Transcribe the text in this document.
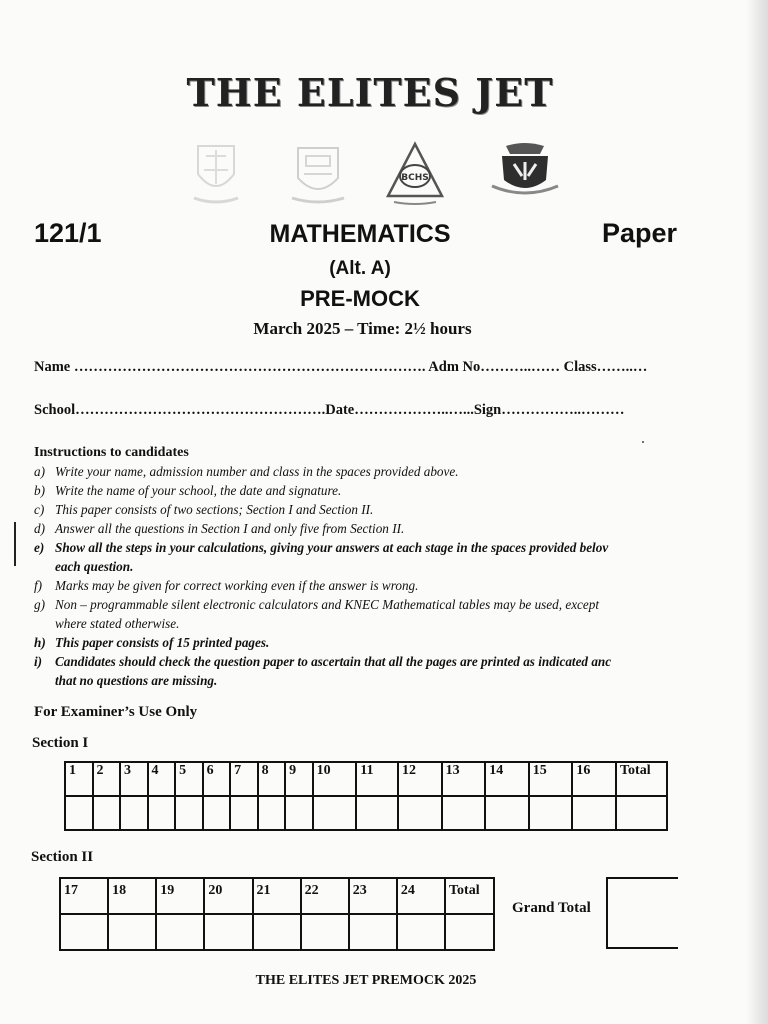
THE ELITES JET
BCHS
121/1	MATHEMATICS	Paper
(Alt. A)
PRE-MOCK
March 2025 – Time: 2½ hours
Name ………………………………………………………………. Adm No………..…… Class……..…
School…………………………………………….Date………………..…...Sign……………..………
Instructions to candidates
a) Write your name, admission number and class in the spaces provided above.
b) Write the name of your school, the date and signature.
c) This paper consists of two sections; Section I and Section II.
d) Answer all the questions in Section I and only five from Section II.
e) Show all the steps in your calculations, giving your answers at each stage in the spaces provided belov
each question.
f) Marks may be given for correct working even if the answer is wrong.
g) Non – programmable silent electronic calculators and KNEC Mathematical tables may be used, except
where stated otherwise.
h) This paper consists of 15 printed pages.
i) Candidates should check the question paper to ascertain that all the pages are printed as indicated anc
that no questions are missing.
For Examiner’s Use Only
Section I
1	2	3	4	5	6	7	8	9	10	11	12	13	14	15	16	Total

Section II
17	18	19	20	21	22	23	24	Total

Grand Total
THE ELITES JET PREMOCK 2025
